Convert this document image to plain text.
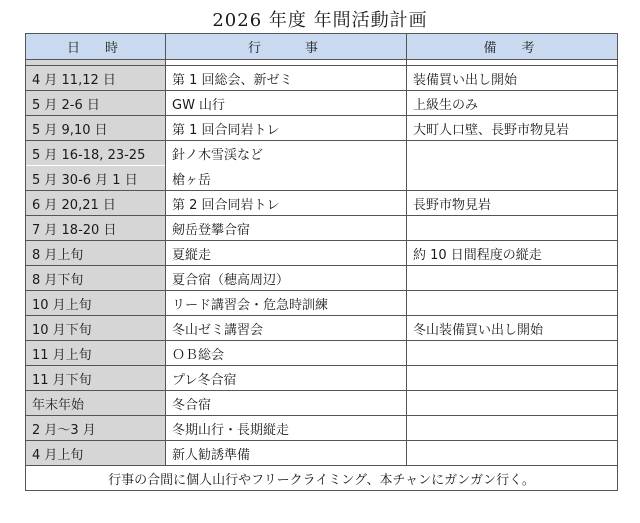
2026 年度 年間活動計画
日　時	行　　事	備　考

4 月 11,12 日	第 1 回総会、新ゼミ	装備買い出し開始
5 月 2-6 日	GW 山行	上級生のみ
5 月 9,10 日	第 1 回合同岩トレ	大町人口壁、長野市物見岩
5 月 16-18, 23-25	針ノ木雪渓など	
5 月 30-6 月 1 日	槍ヶ岳	
6 月 20,21 日	第 2 回合同岩トレ	長野市物見岩
7 月 18-20 日	剱岳登攀合宿	
8 月上旬	夏縦走	約 10 日間程度の縦走
8 月下旬	夏合宿（穂高周辺）	
10 月上旬	リード講習会・危急時訓練	
10 月下旬	冬山ゼミ講習会	冬山装備買い出し開始
11 月上旬	ＯＢ総会	
11 月下旬	プレ冬合宿	
年末年始	冬合宿	
2 月～3 月	冬期山行・長期縦走	
4 月上旬	新人勧誘準備	
行事の合間に個人山行やフリークライミング、本チャンにガンガン行く。		
